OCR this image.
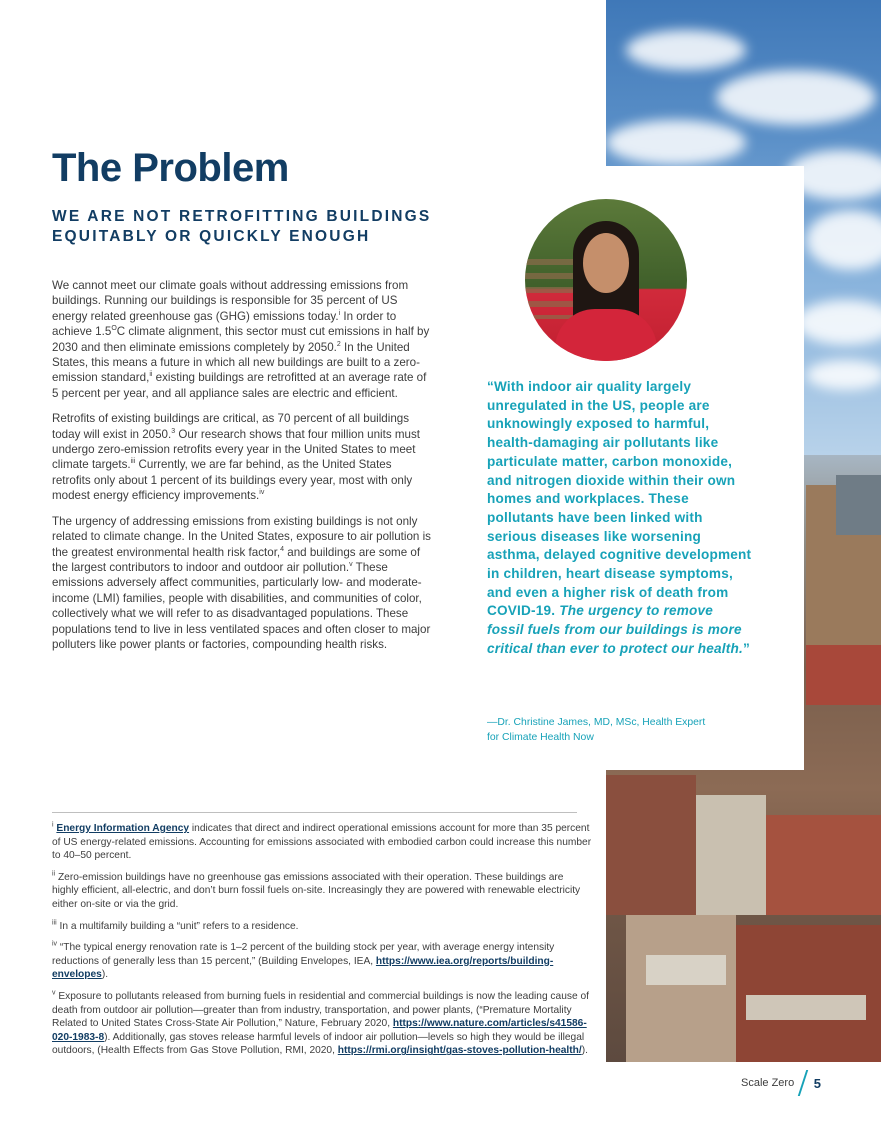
The Problem
WE ARE NOT RETROFITTING BUILDINGS EQUITABLY OR QUICKLY ENOUGH

We cannot meet our climate goals without addressing emissions from buildings. Running our buildings is responsible for 35 percent of US energy related greenhouse gas (GHG) emissions today.$^i$ In order to achieve $1.5^OC$ climate alignment, this sector must cut emissions in half by 2030 and then eliminate emissions completely by 2050.$^2$ In the United States, this means a future in which all new buildings are built to a zero-emission standard,$^{ii}$ existing buildings are retrofitted at an average rate of 5 percent per year, and all appliance sales are electric and efficient.

Retrofits of existing buildings are critical, as 70 percent of all buildings today will exist in 2050.$^3$ Our research shows that four million units must undergo zero-emission retrofits every year in the United States to meet climate targets.$^{iii}$ Currently, we are far behind, as the United States retrofits only about 1 percent of its buildings every year, most with only modest energy efficiency improvements.$^{iv}$

The urgency of addressing emissions from existing buildings is not only related to climate change. In the United States, exposure to air pollution is the greatest environmental health risk factor,$^4$ and buildings are some of the largest contributors to indoor and outdoor air pollution.$^v$ These emissions adversely affect communities, particularly low- and moderate-income (LMI) families, people with disabilities, and communities of color, collectively what we will refer to as disadvantaged populations. These populations tend to live in less ventilated spaces and often closer to major polluters like power plants or factories, compounding health risks.

“With indoor air quality largely unregulated in the US, people are unknowingly exposed to harmful, health-damaging air pollutants like particulate matter, carbon monoxide, and nitrogen dioxide within their own homes and workplaces. These pollutants have been linked with serious diseases like worsening asthma, delayed cognitive development in children, heart disease symptoms, and even a higher risk of death from COVID-19. The urgency to remove fossil fuels from our buildings is more critical than ever to protect our health.”
—Dr. Christine James, MD, MSc, Health Expert
for Climate Health Now

$^i$ Energy Information Agency indicates that direct and indirect operational emissions account for more than 35 percent of US energy-related emissions. Accounting for emissions associated with embodied carbon could increase this number to 40–50 percent.

$^{ii}$ Zero-emission buildings have no greenhouse gas emissions associated with their operation. These buildings are highly efficient, all-electric, and don’t burn fossil fuels on-site. Increasingly they are powered with renewable electricity either on-site or via the grid.

$^{iii}$ In a multifamily building a “unit” refers to a residence.

$^{iv}$ “The typical energy renovation rate is 1–2 percent of the building stock per year, with average energy intensity reductions of generally less than 15 percent,” (Building Envelopes, IEA, https://www.iea.org/reports/building-envelopes).

$^v$ Exposure to pollutants released from burning fuels in residential and commercial buildings is now the leading cause of death from outdoor air pollution—greater than from industry, transportation, and power plants, (“Premature Mortality Related to United States Cross-State Air Pollution,” Nature, February 2020, https://www.nature.com/articles/s41586-020-1983-8). Additionally, gas stoves release harmful levels of indoor air pollution—levels so high they would be illegal outdoors, (Health Effects from Gas Stove Pollution, RMI, 2020, https://rmi.org/insight/gas-stoves-pollution-health/).

Scale Zero 5
